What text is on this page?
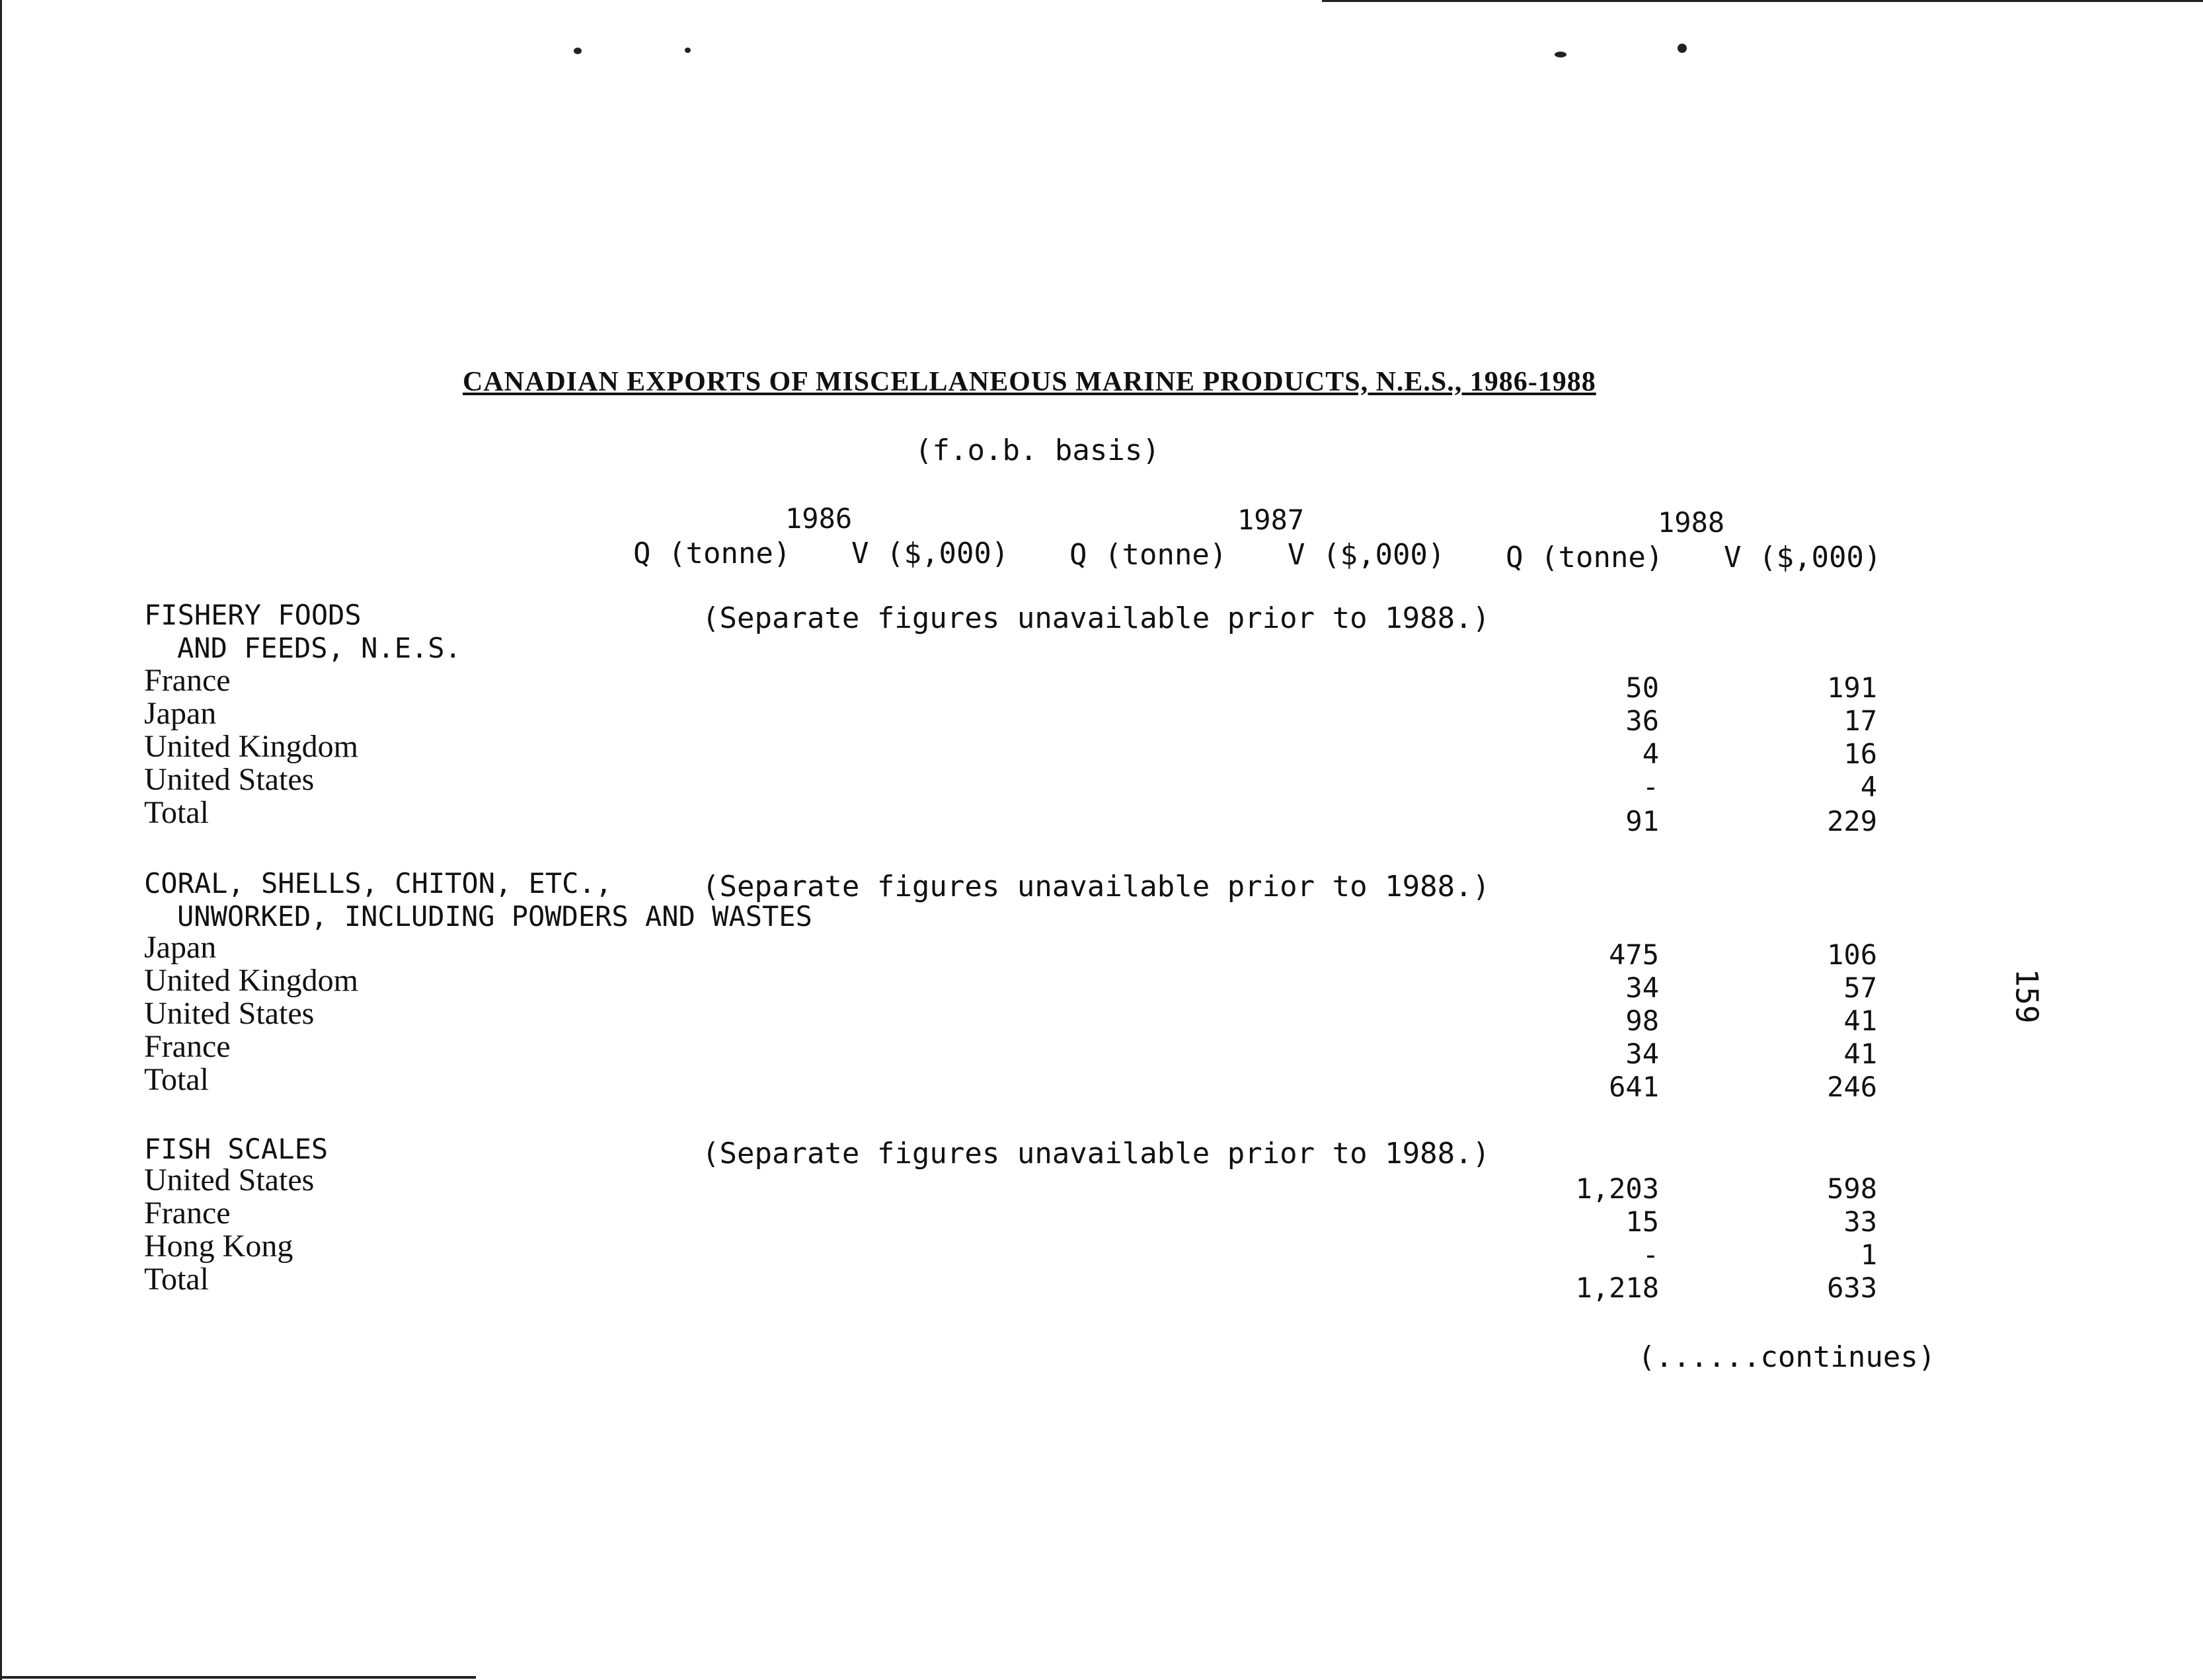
CANADIAN EXPORTS OF MISCELLANEOUS MARINE PRODUCTS, N.E.S., 1986-1988
(f.o.b. basis)
1986	1987	1988
Q (tonne) V ($,000) Q (tonne) V ($,000) Q (tonne) V ($,000)
FISHERY FOODS
AND FEEDS, N.E.S.
(Separate figures unavailable prior to 1988.)
France	50	191
Japan	36	17
United Kingdom	4	16
United States	-	4
Total	91	229
CORAL, SHELLS, CHITON, ETC.,
UNWORKED, INCLUDING POWDERS AND WASTES
(Separate figures unavailable prior to 1988.)
Japan	475	106
United Kingdom	34	57
United States	98	41
France	34	41
Total	641	246
FISH SCALES	(Separate figures unavailable prior to 1988.)
United States	1,203	598
France	15	33
Hong Kong	-	1
Total	1,218	633
(......continues)
159
